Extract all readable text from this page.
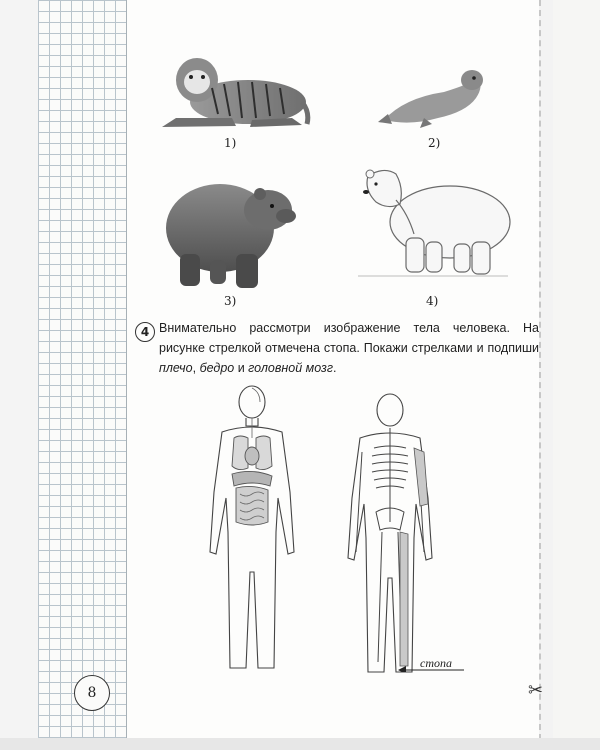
1)	2)
3)	4)
4 Внимательно рассмотри изображение тела человека. На рисунке стрелкой отмечена стопа. Покажи стрелками и подпиши плечо, бедро и головной мозг.
стопа
8	✂
